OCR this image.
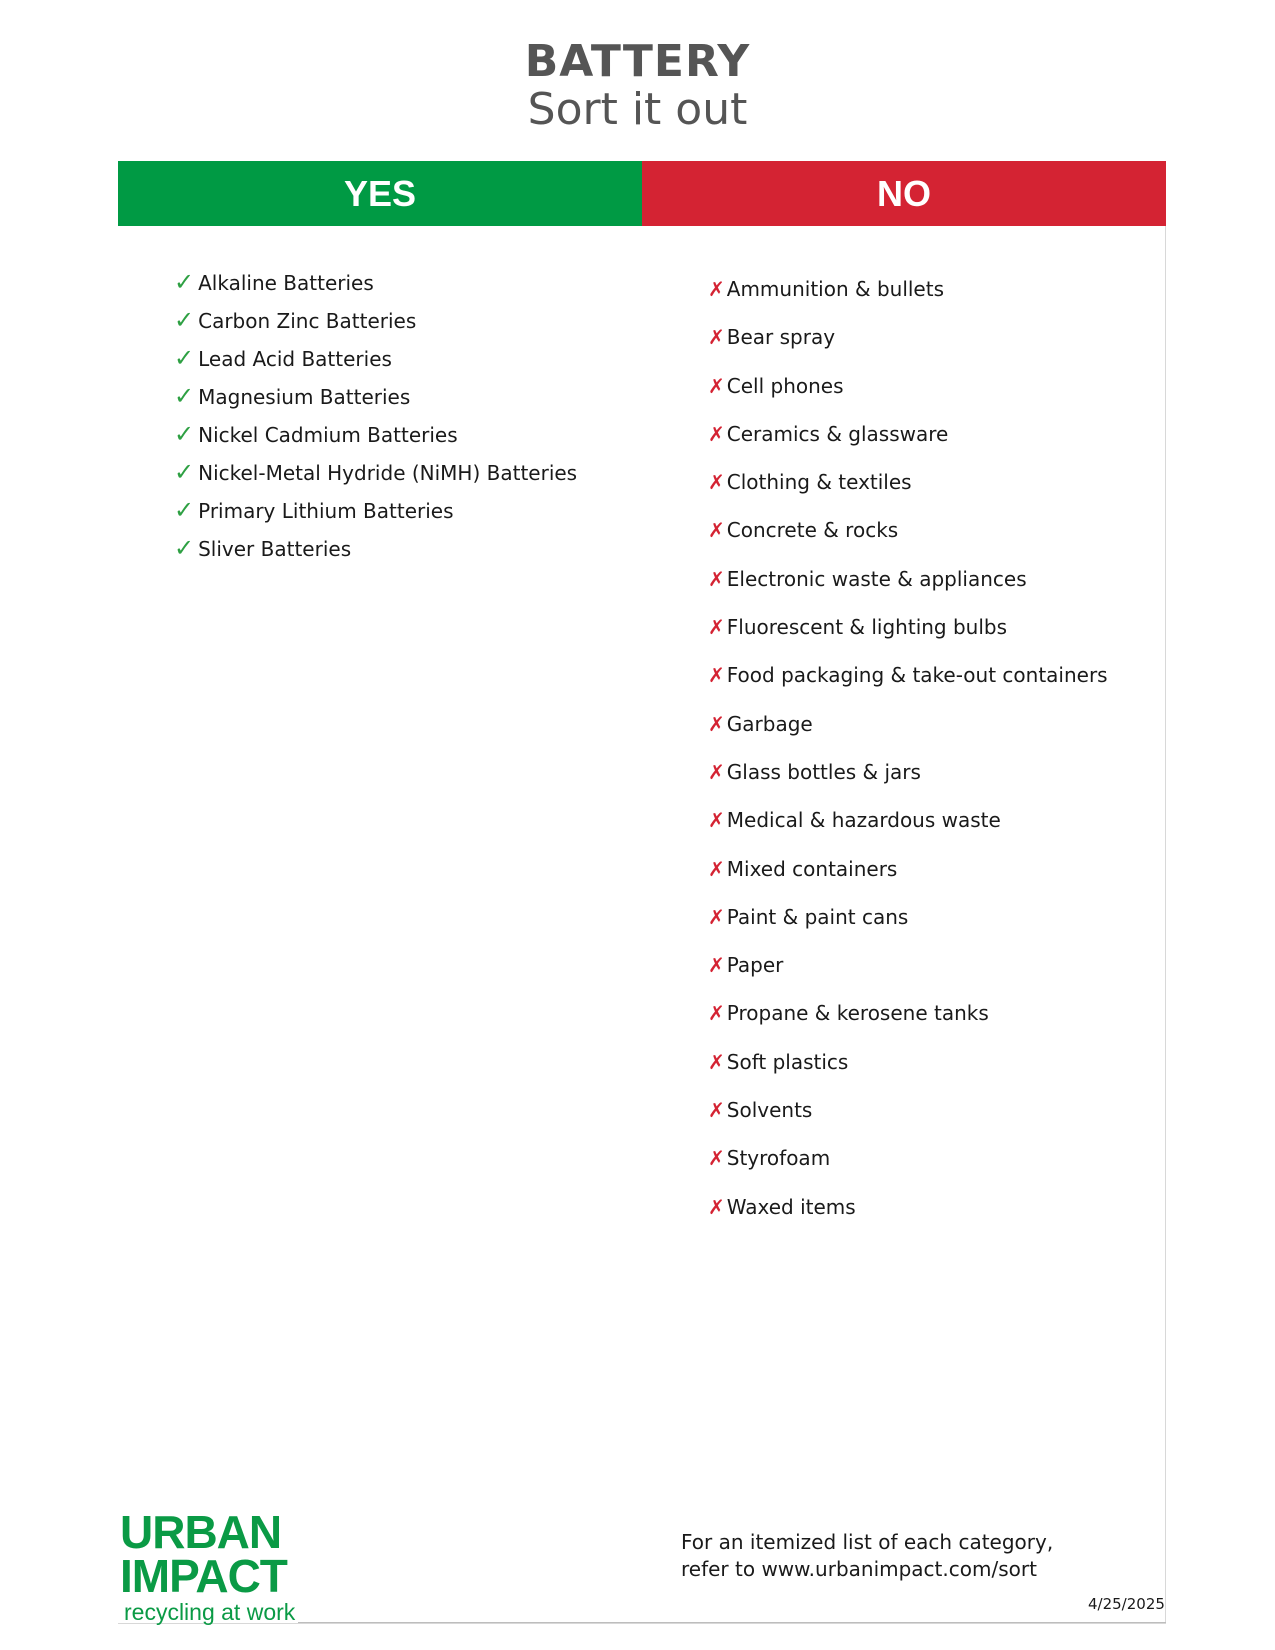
BATTERY
Sort it out
YES	NO
✓ Alkaline Batteries
✓ Carbon Zinc Batteries
✓ Lead Acid Batteries
✓ Magnesium Batteries
✓ Nickel Cadmium Batteries
✓ Nickel-Metal Hydride (NiMH) Batteries
✓ Primary Lithium Batteries
✓ Sliver Batteries
✗ Ammunition & bullets
✗ Bear spray
✗ Cell phones
✗ Ceramics & glassware
✗ Clothing & textiles
✗ Concrete & rocks
✗ Electronic waste & appliances
✗ Fluorescent & lighting bulbs
✗ Food packaging & take-out containers
✗ Garbage
✗ Glass bottles & jars
✗ Medical & hazardous waste
✗ Mixed containers
✗ Paint & paint cans
✗ Paper
✗ Propane & kerosene tanks
✗ Soft plastics
✗ Solvents
✗ Styrofoam
✗ Waxed items
URBAN
IMPACT
recycling at work
For an itemized list of each category,
refer to www.urbanimpact.com/sort
4/25/2025
